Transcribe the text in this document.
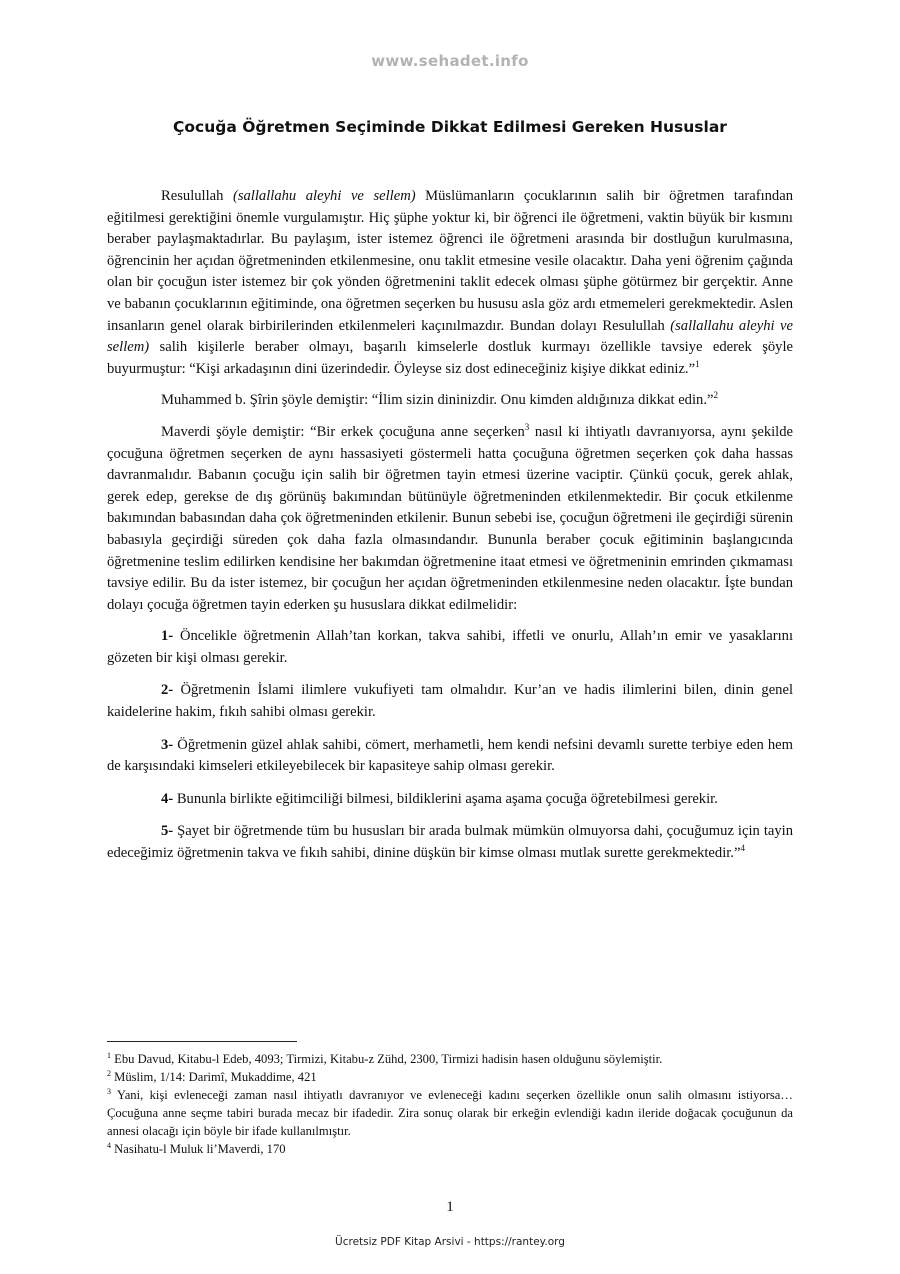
www.sehadet.info
Çocuğa Öğretmen Seçiminde Dikkat Edilmesi Gereken Hususlar

Resulullah (sallallahu aleyhi ve sellem) Müslümanların çocuklarının salih bir öğretmen tarafından eğitilmesi gerektiğini önemle vurgulamıştır. Hiç şüphe yoktur ki, bir öğrenci ile öğretmeni, vaktin büyük bir kısmını beraber paylaşmaktadırlar. Bu paylaşım, ister istemez öğrenci ile öğretmeni arasında bir dostluğun kurulmasına, öğrencinin her açıdan öğretmeninden etkilenmesine, onu taklit etmesine vesile olacaktır. Daha yeni öğrenim çağında olan bir çocuğun ister istemez bir çok yönden öğretmenini taklit edecek olması şüphe götürmez bir gerçektir. Anne ve babanın çocuklarının eğitiminde, ona öğretmen seçerken bu hususu asla göz ardı etmemeleri gerekmektedir. Aslen insanların genel olarak birbirilerinden etkilenmeleri kaçınılmazdır. Bundan dolayı Resulullah (sallallahu aleyhi ve sellem) salih kişilerle beraber olmayı, başarılı kimselerle dostluk kurmayı özellikle tavsiye ederek şöyle buyurmuştur: “Kişi arkadaşının dini üzerindedir. Öyleyse siz dost edineceğiniz kişiye dikkat ediniz.”$^1$

Muhammed b. Şîrin şöyle demiştir: “İlim sizin dininizdir. Onu kimden aldığınıza dikkat edin.”$^2$

Maverdi şöyle demiştir: “Bir erkek çocuğuna anne seçerken$^3$ nasıl ki ihtiyatlı davranıyorsa, aynı şekilde çocuğuna öğretmen seçerken de aynı hassasiyeti göstermeli hatta çocuğuna öğretmen seçerken çok daha hassas davranmalıdır. Babanın çocuğu için salih bir öğretmen tayin etmesi üzerine vaciptir. Çünkü çocuk, gerek ahlak, gerek edep, gerekse de dış görünüş bakımından bütünüyle öğretmeninden etkilenmektedir. Bir çocuk etkilenme bakımından babasından daha çok öğretmeninden etkilenir. Bunun sebebi ise, çocuğun öğretmeni ile geçirdiği sürenin babasıyla geçirdiği süreden çok daha fazla olmasındandır. Bununla beraber çocuk eğitiminin başlangıcında öğretmenine teslim edilirken kendisine her bakımdan öğretmenine itaat etmesi ve öğretmeninin emrinden çıkmaması tavsiye edilir. Bu da ister istemez, bir çocuğun her açıdan öğretmeninden etkilenmesine neden olacaktır. İşte bundan dolayı çocuğa öğretmen tayin ederken şu hususlara dikkat edilmelidir:

1- Öncelikle öğretmenin Allah’tan korkan, takva sahibi, iffetli ve onurlu, Allah’ın emir ve yasaklarını gözeten bir kişi olması gerekir.

2- Öğretmenin İslami ilimlere vukufiyeti tam olmalıdır. Kur’an ve hadis ilimlerini bilen, dinin genel kaidelerine hakim, fıkıh sahibi olması gerekir.

3- Öğretmenin güzel ahlak sahibi, cömert, merhametli, hem kendi nefsini devamlı surette terbiye eden hem de karşısındaki kimseleri etkileyebilecek bir kapasiteye sahip olması gerekir.

4- Bununla birlikte eğitimciliği bilmesi, bildiklerini aşama aşama çocuğa öğretebilmesi gerekir.

5- Şayet bir öğretmende tüm bu hususları bir arada bulmak mümkün olmuyorsa dahi, çocuğumuz için tayin edeceğimiz öğretmenin takva ve fıkıh sahibi, dinine düşkün bir kimse olması mutlak surette gerekmektedir.”$^4$

$^1$ Ebu Davud, Kitabu-l Edeb, 4093; Tirmizi, Kitabu-z Zühd, 2300, Tirmizi hadisin hasen olduğunu söylemiştir.
$^2$ Müslim, 1/14: Darimî, Mukaddime, 421
$^3$ Yani, kişi evleneceği zaman nasıl ihtiyatlı davranıyor ve evleneceği kadını seçerken özellikle onun salih olmasını istiyorsa… Çocuğuna anne seçme tabiri burada mecaz bir ifadedir. Zira sonuç olarak bir erkeğin evlendiği kadın ileride doğacak çocuğunun da annesi olacağı için böyle bir ifade kullanılmıştır.
$^4$ Nasihatu-l Muluk li’Maverdi, 170
1
Ücretsiz PDF Kitap Arsivi - https://rantey.org
